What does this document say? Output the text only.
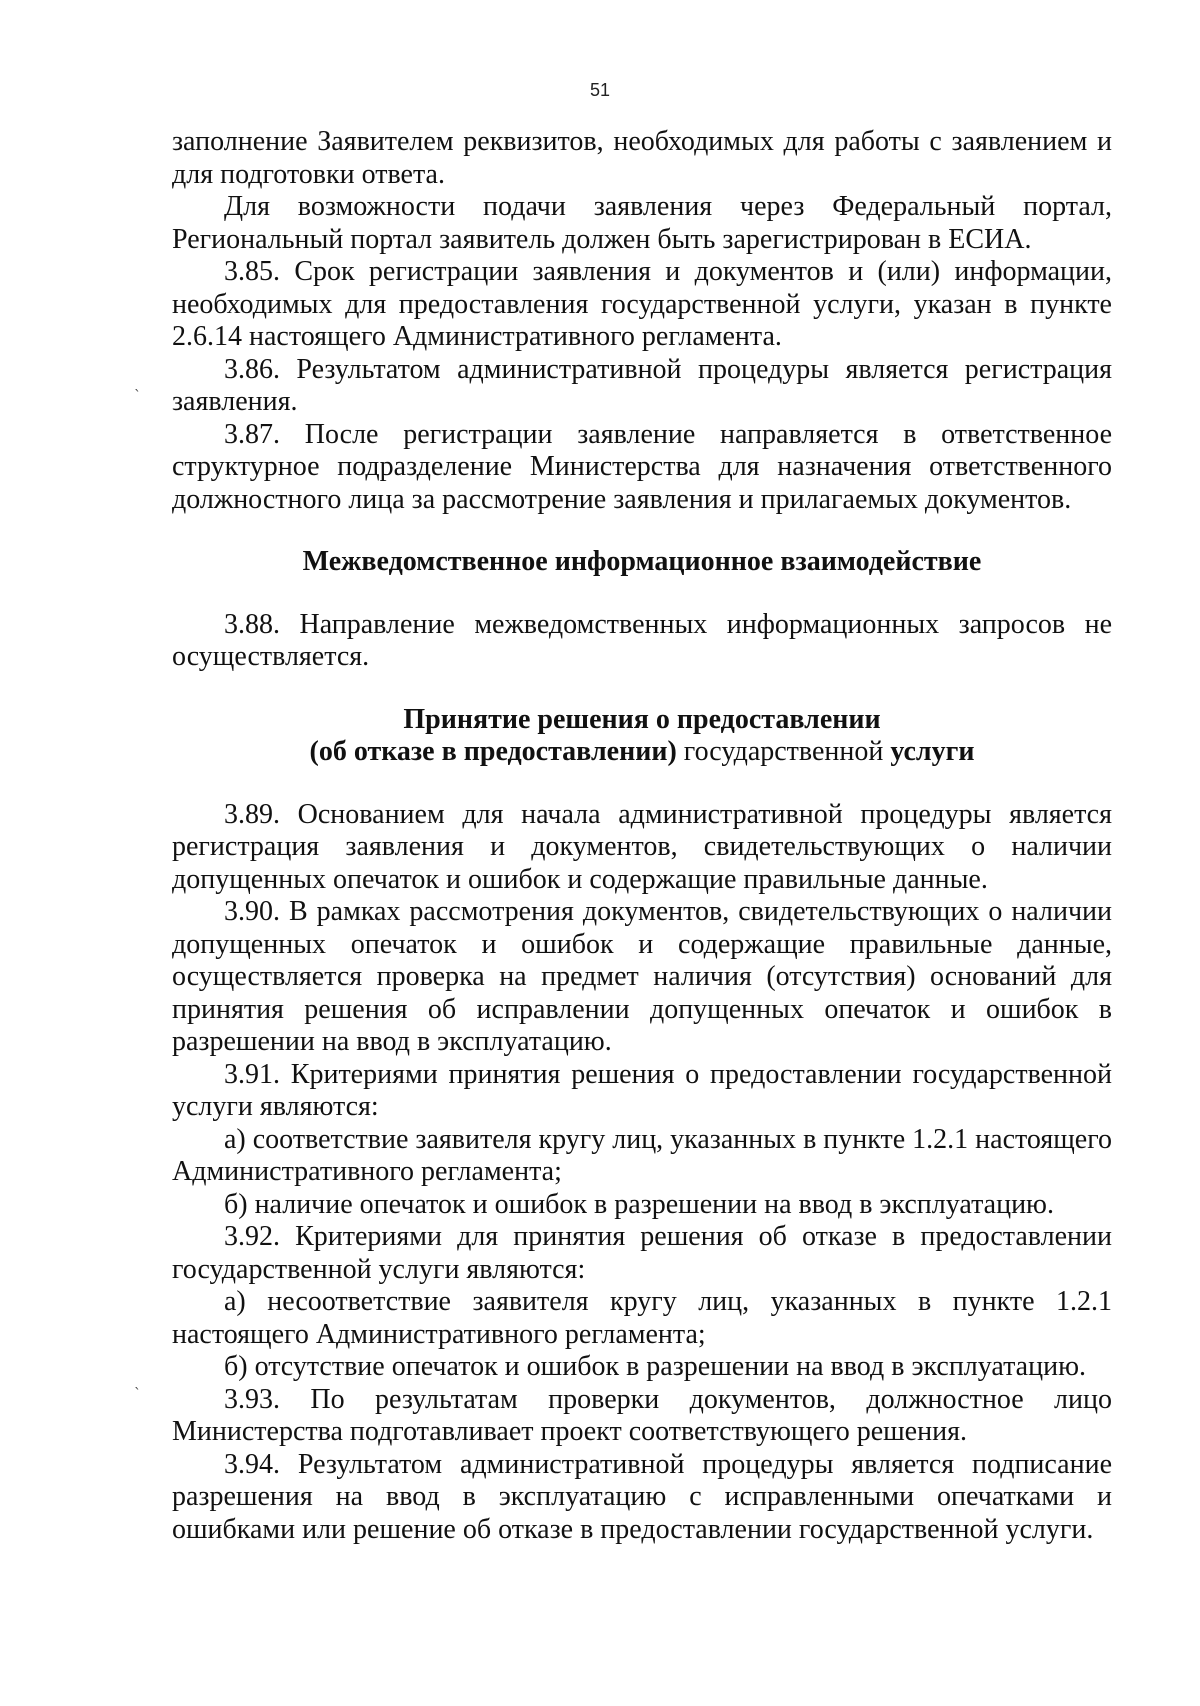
51
ˎ
ˎ

заполнение Заявителем реквизитов, необходимых для работы с заявлением и для подготовки ответа.

Для возможности подачи заявления через Федеральный портал, Региональный портал заявитель должен быть зарегистрирован в ЕСИА.

3.85. Срок регистрации заявления и документов и (или) информации, необходимых для предоставления государственной услуги, указан в пункте 2.6.14 настоящего Административного регламента.

3.86. Результатом административной процедуры является регистрация заявления.

3.87. После регистрации заявление направляется в ответственное структурное подразделение Министерства для назначения ответственного должностного лица за рассмотрение заявления и прилагаемых документов.

Межведомственное информационное взаимодействие

3.88. Направление межведомственных информационных запросов не осуществляется.

Принятие решения о предоставлении
(об отказе в предоставлении) государственной услуги

3.89. Основанием для начала административной процедуры является регистрация заявления и документов, свидетельствующих о наличии допущенных опечаток и ошибок и содержащие правильные данные.

3.90. В рамках рассмотрения документов, свидетельствующих о наличии допущенных опечаток и ошибок и содержащие правильные данные, осуществляется проверка на предмет наличия (отсутствия) оснований для принятия решения об исправлении допущенных опечаток и ошибок в разрешении на ввод в эксплуатацию.

3.91. Критериями принятия решения о предоставлении государственной услуги являются:

а) соответствие заявителя кругу лиц, указанных в пункте 1.2.1 настоящего Административного регламента;

б) наличие опечаток и ошибок в разрешении на ввод в эксплуатацию.

3.92. Критериями для принятия решения об отказе в предоставлении государственной услуги являются:

а) несоответствие заявителя кругу лиц, указанных в пункте 1.2.1 настоящего Административного регламента;

б) отсутствие опечаток и ошибок в разрешении на ввод в эксплуатацию.

3.93. По результатам проверки документов, должностное лицо Министерства подготавливает проект соответствующего решения.

3.94. Результатом административной процедуры является подписание разрешения на ввод в эксплуатацию с исправленными опечатками и ошибками или решение об отказе в предоставлении государственной услуги.
